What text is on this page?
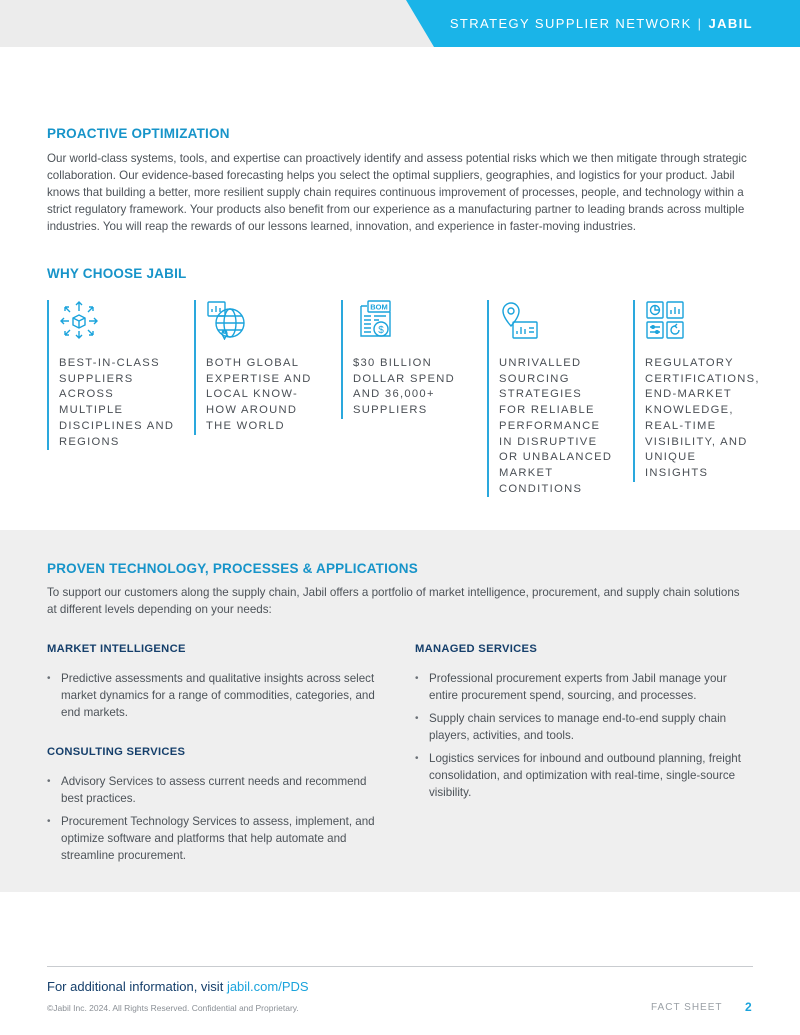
STRATEGY SUPPLIER NETWORK | JABIL
PROACTIVE OPTIMIZATION

Our world-class systems, tools, and expertise can proactively identify and assess potential risks which we then mitigate through strategic collaboration. Our evidence-based forecasting helps you select the optimal suppliers, geographies, and logistics for your product. Jabil knows that building a better, more resilient supply chain requires continuous improvement of processes, people, and technology within a strict regulatory framework. Your products also benefit from our experience as a manufacturing partner to leading brands across multiple industries. You will reap the rewards of our lessons learned, innovation, and experience in faster-moving industries.

WHY CHOOSE JABIL
BEST-IN-CLASS
SUPPLIERS
ACROSS MULTIPLE
DISCIPLINES AND
REGIONS
BOTH GLOBAL
EXPERTISE AND
LOCAL KNOW-
HOW AROUND
THE WORLD
BOM
$
$30 BILLION
DOLLAR SPEND
AND 36,000+
SUPPLIERS
UNRIVALLED
SOURCING
STRATEGIES
FOR RELIABLE
PERFORMANCE
IN DISRUPTIVE
OR UNBALANCED
MARKET
CONDITIONS
REGULATORY
CERTIFICATIONS,
END-MARKET
KNOWLEDGE,
REAL-TIME
VISIBILITY, AND
UNIQUE INSIGHTS
PROVEN TECHNOLOGY, PROCESSES & APPLICATIONS

To support our customers along the supply chain, Jabil offers a portfolio of market intelligence, procurement, and supply chain solutions at different levels depending on your needs:

MARKET INTELLIGENCE
• Predictive assessments and qualitative insights across select market dynamics for a range of commodities, categories, and end markets.
CONSULTING SERVICES
• Advisory Services to assess current needs and recommend best practices.
• Procurement Technology Services to assess, implement, and optimize software and platforms that help automate and streamline procurement.
MANAGED SERVICES
• Professional procurement experts from Jabil manage your entire procurement spend, sourcing, and processes.
• Supply chain services to manage end-to-end supply chain players, activities, and tools.
• Logistics services for inbound and outbound planning, freight consolidation, and optimization with real-time, single-source visibility.
For additional information, visit jabil.com/PDS
©Jabil Inc. 2024. All Rights Reserved. Confidential and Proprietary.	FACT SHEET 2
